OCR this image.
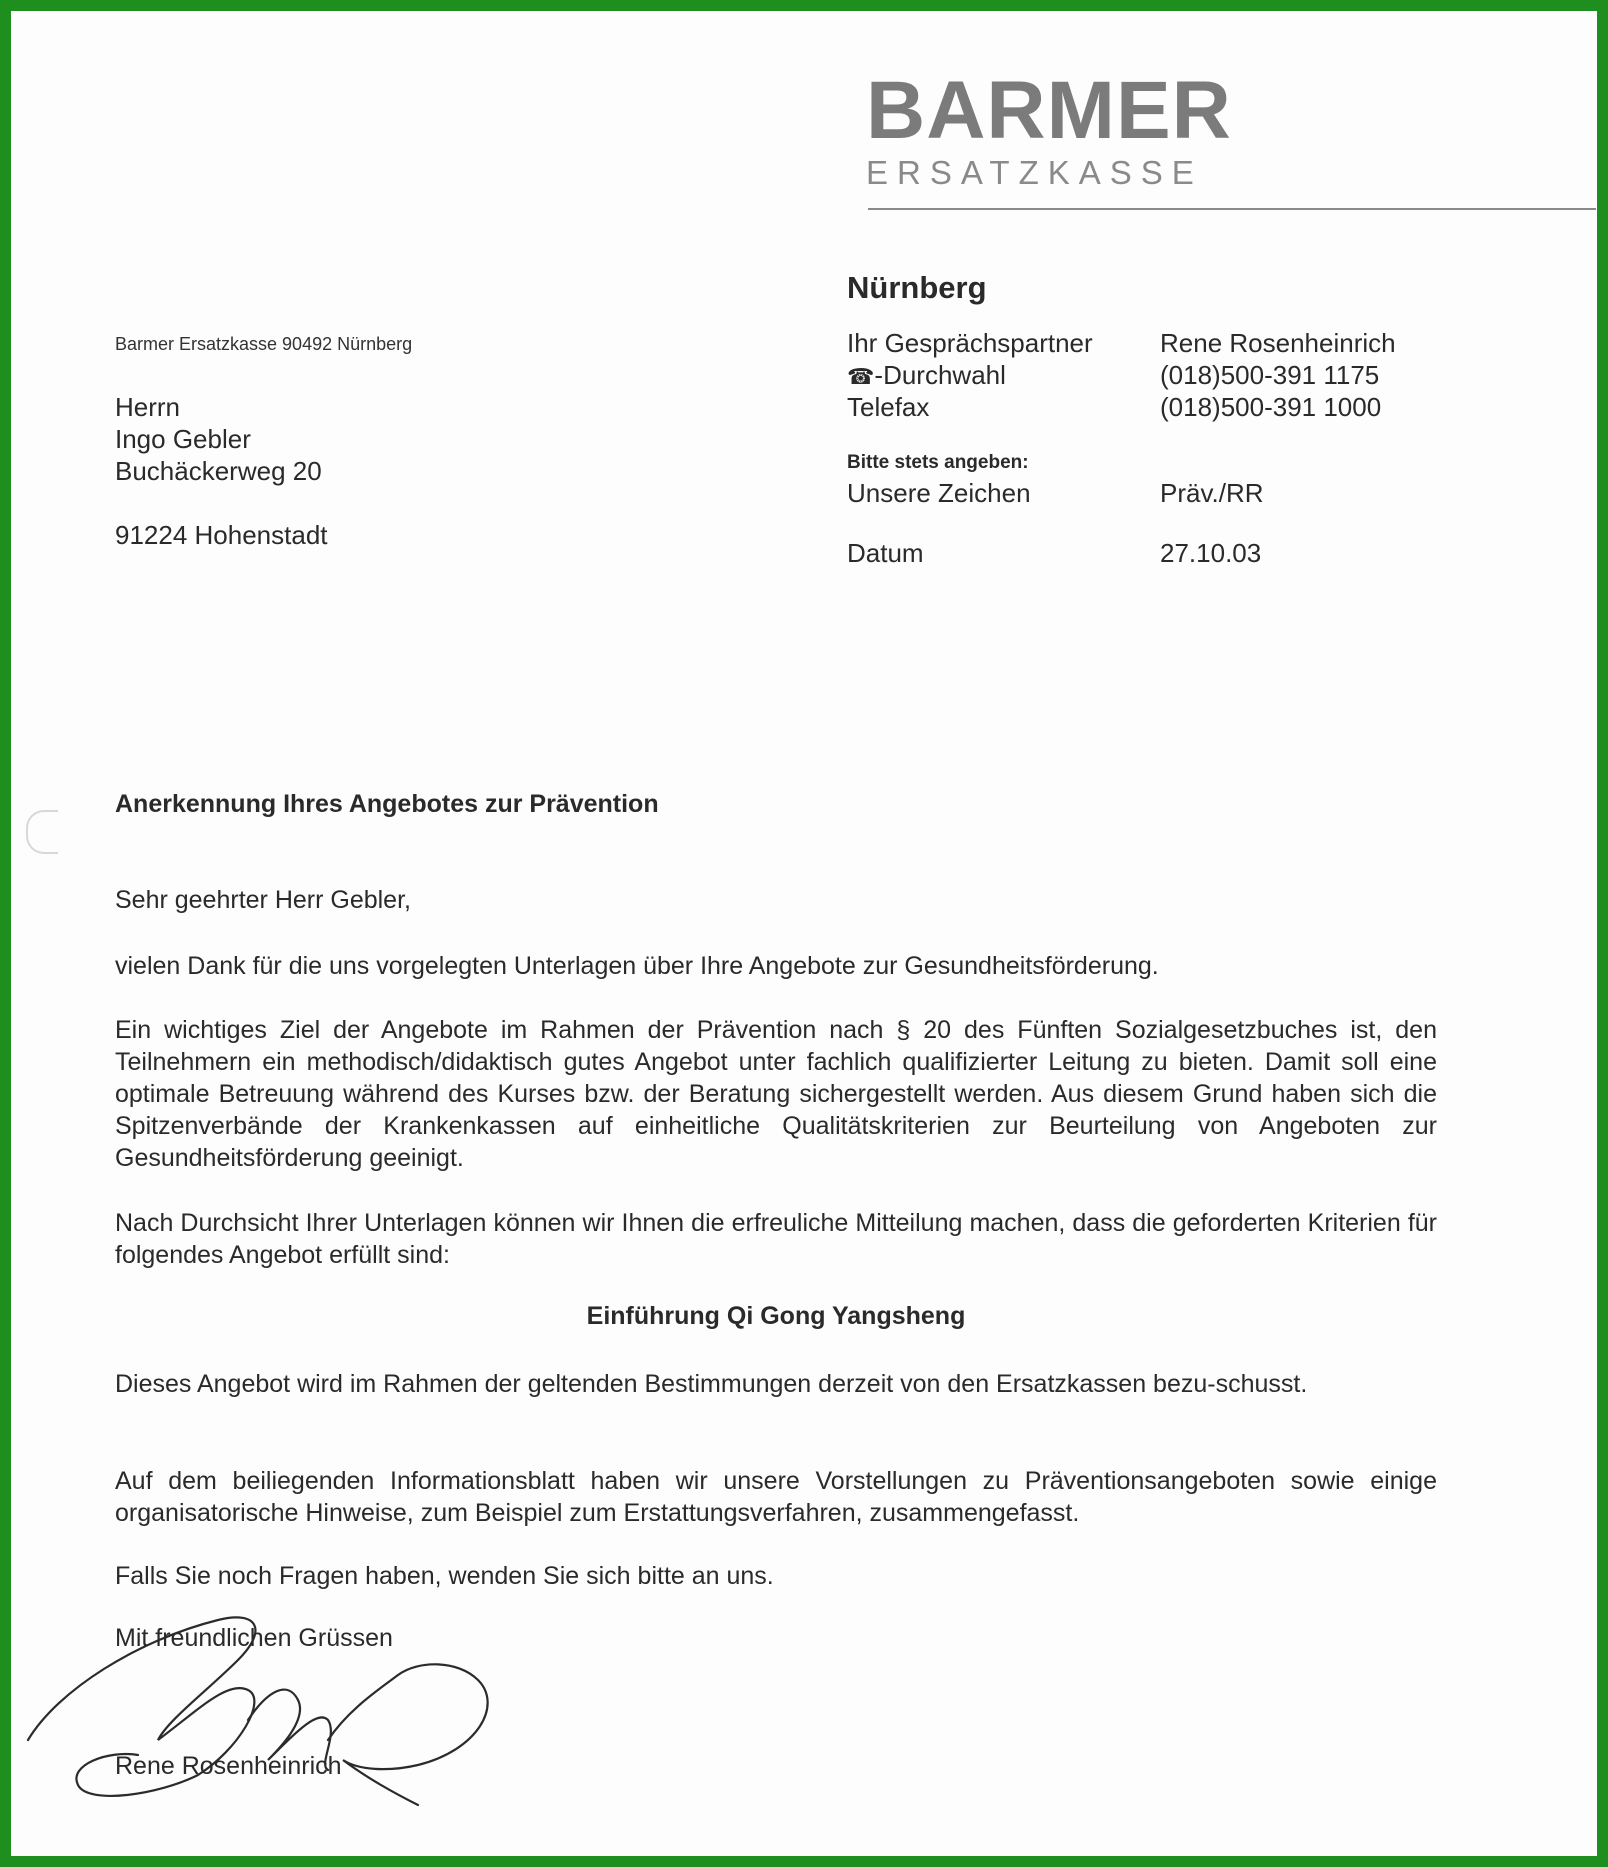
BARMER
ERSATZKASSE
Nürnberg
Ihr Gesprächspartner	Rene Rosenheinrich
☎-Durchwahl	(018)500-391 1175
Telefax	(018)500-391 1000
Bitte stets angeben:
Unsere Zeichen	Präv./RR
Datum	27.10.03
Barmer Ersatzkasse 90492 Nürnberg
Herrn
Ingo Gebler
Buchäckerweg 20
91224 Hohenstadt
Anerkennung Ihres Angebotes zur Prävention
Sehr geehrter Herr Gebler,

vielen Dank für die uns vorgelegten Unterlagen über Ihre Angebote zur Gesundheitsförderung.

Ein wichtiges Ziel der Angebote im Rahmen der Prävention nach § 20 des Fünften Sozialgesetzbuches ist, den Teilnehmern ein methodisch/didaktisch gutes Angebot unter fachlich qualifizierter Leitung zu bieten. Damit soll eine optimale Betreuung während des Kurses bzw. der Beratung sichergestellt werden. Aus diesem Grund haben sich die Spitzenverbände der Krankenkassen auf einheitliche Qualitätskriterien zur Beurteilung von Angeboten zur Gesundheitsförderung geeinigt.

Nach Durchsicht Ihrer Unterlagen können wir Ihnen die erfreuliche Mitteilung machen, dass die geforderten Kriterien für folgendes Angebot erfüllt sind:

Einführung Qi Gong Yangsheng

Dieses Angebot wird im Rahmen der geltenden Bestimmungen derzeit von den Ersatzkassen bezu-schusst.

Auf dem beiliegenden Informationsblatt haben wir unsere Vorstellungen zu Präventionsangeboten sowie einige organisatorische Hinweise, zum Beispiel zum Erstattungsverfahren, zusammengefasst.

Falls Sie noch Fragen haben, wenden Sie sich bitte an uns.

Mit freundlichen Grüssen
Rene Rosenheinrich
